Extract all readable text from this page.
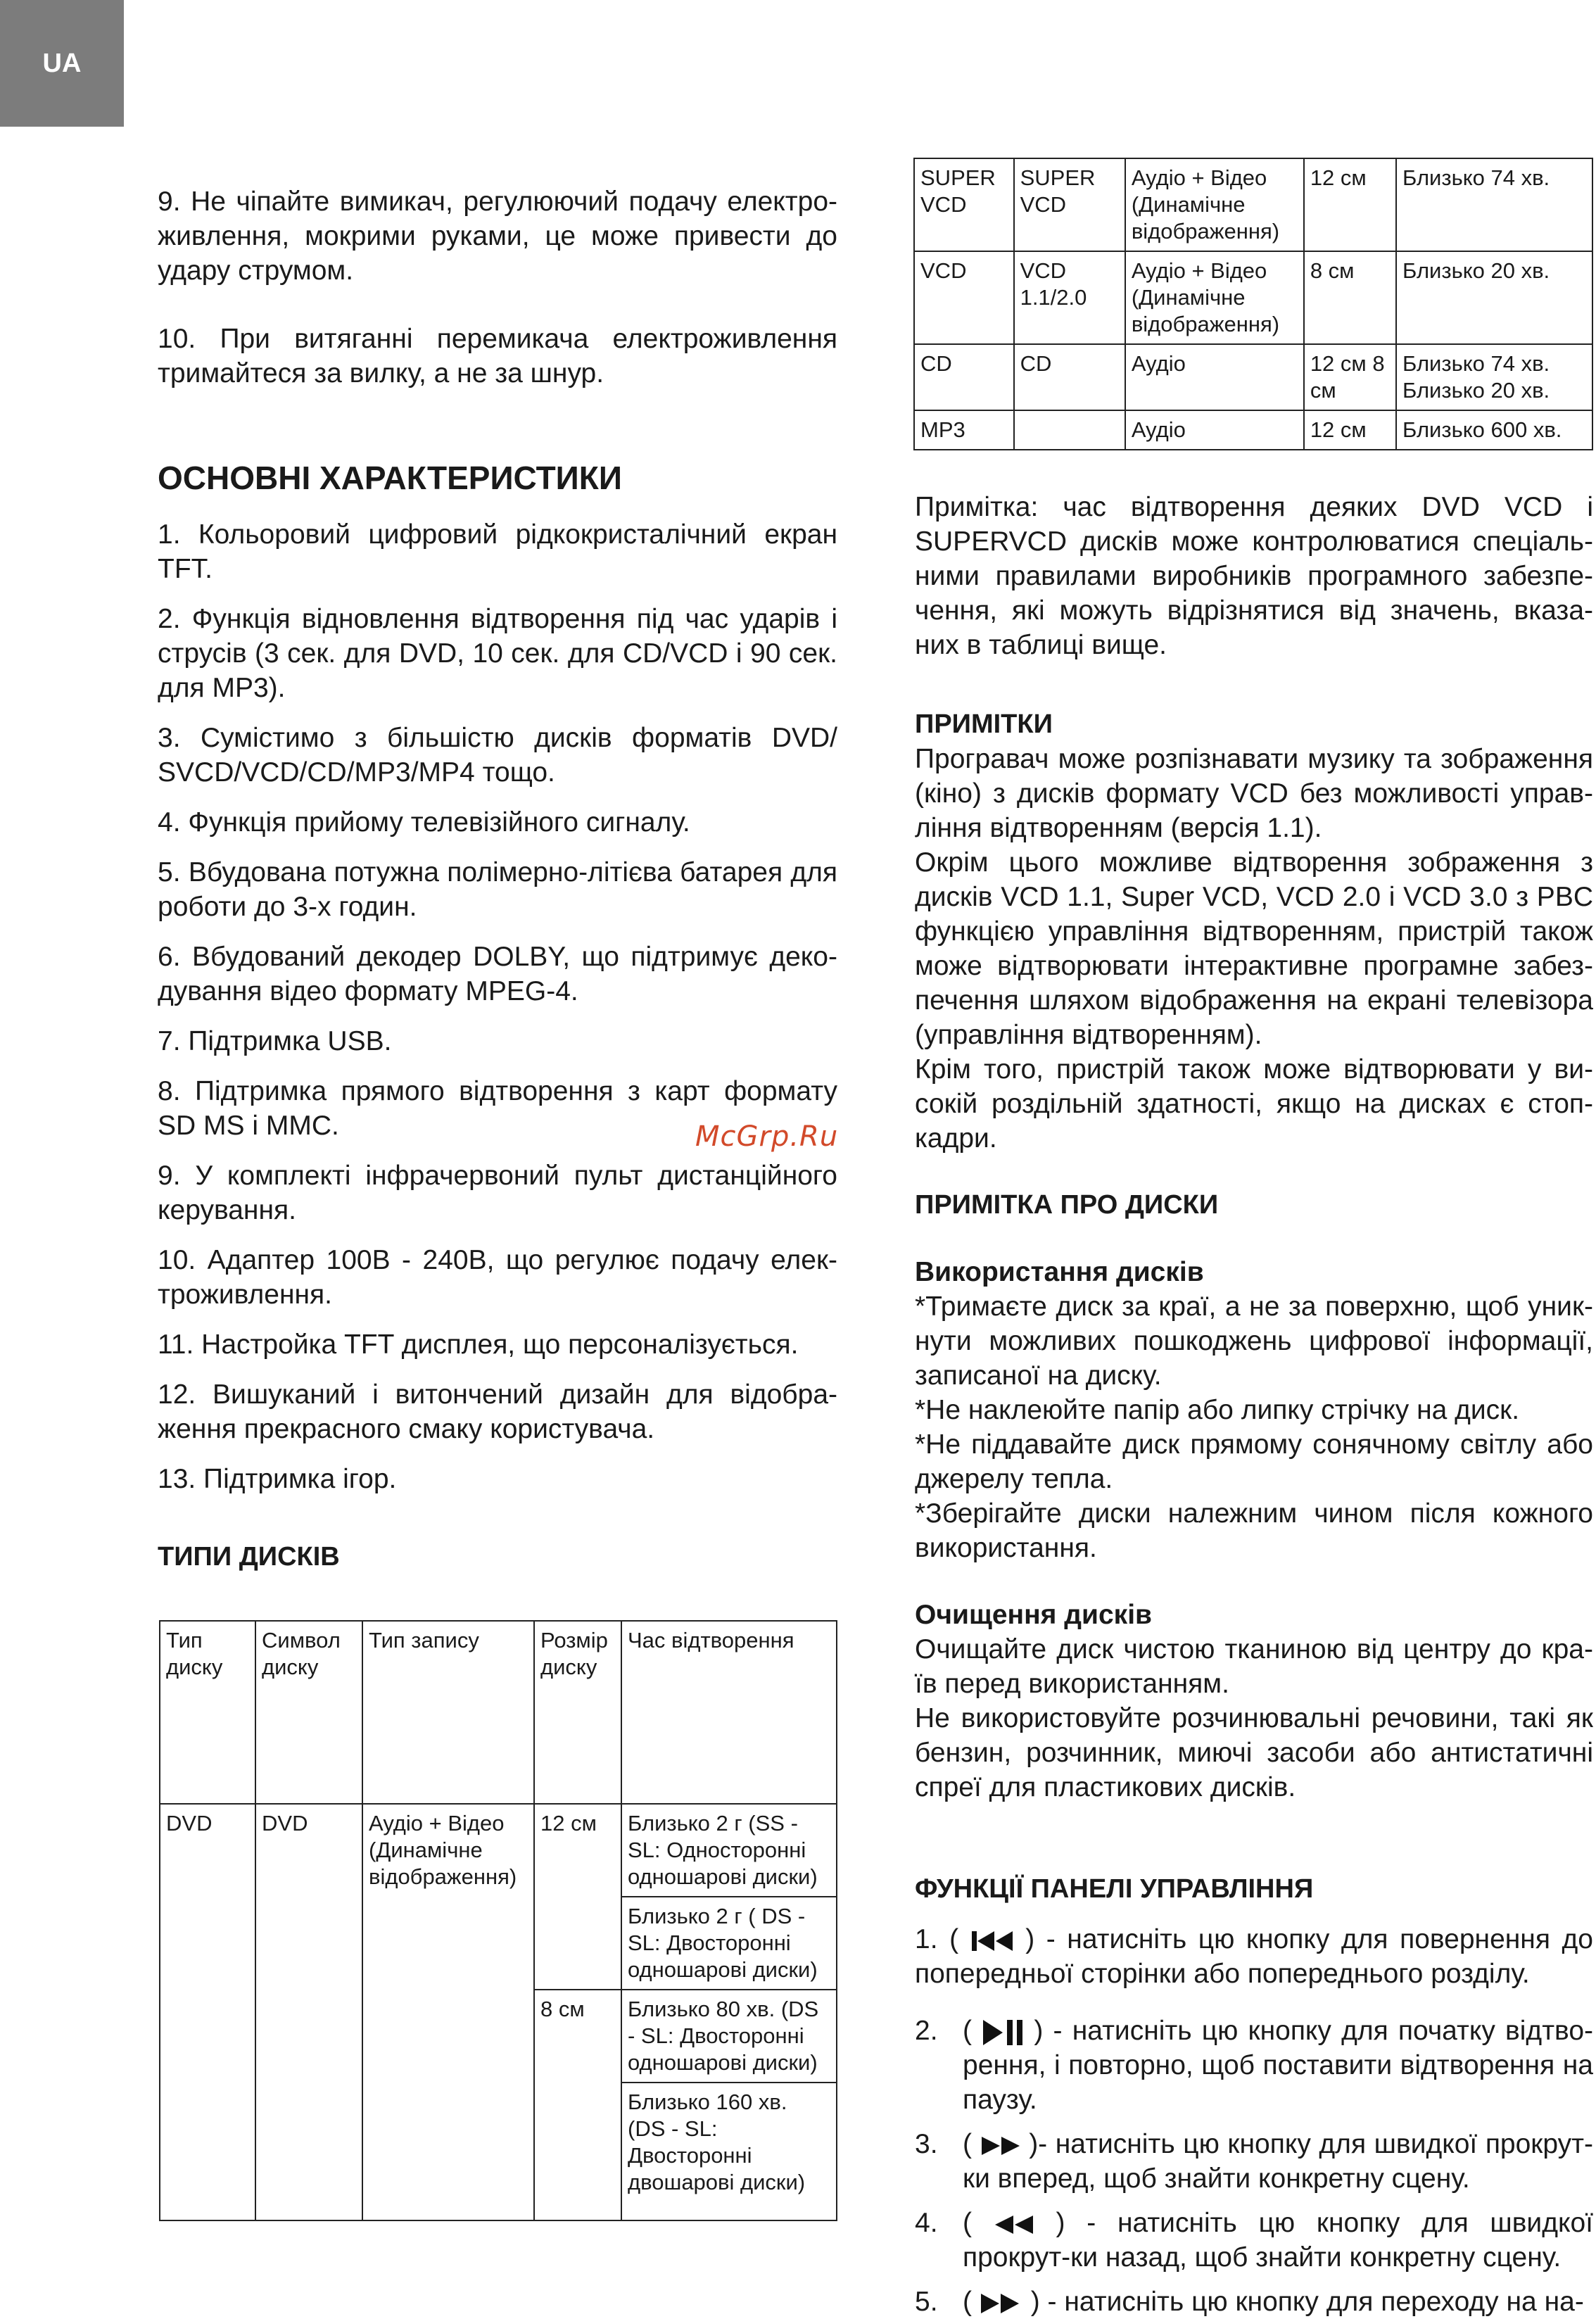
UA

9. Не чіпайте вимикач, регулюючий подачу електро-живлення, мокрими руками, це може привести до удару струмом.

10. При витяганні перемикача електроживлення тримайтеся за вилку, а не за шнур.

ОСНОВНІ ХАРАКТЕРИСТИКИ

1. Кольоровий цифровий рідкокристалічний екран TFT.

2. Функція відновлення відтворення під час ударів і струсів (3 сек. для DVD, 10 сек. для CD/VCD і 90 сек. для MP3).

3. Сумістимо з більшістю дисків форматів DVD/ SVCD/VCD/CD/MP3/MP4 тощо.

4. Функція прийому телевізійного сигналу.

5. Вбудована потужна полімерно-літієва батарея для роботи до 3-х годин.

6. Вбудований декодер DOLBY, що підтримує деко-дування відео формату MPEG-4.

7. Підтримка USB.

8. Підтримка прямого відтворення з карт формату SD MS і MMC.

9. У комплекті інфрачервоний пульт дистанційного керування.

10. Адаптер 100В - 240В, що регулює подачу елек-троживлення.

11. Настройка TFT дисплея, що персоналізується.

12. Вишуканий і витончений дизайн для відобра-ження прекрасного смаку користувача.

13. Підтримка ігор.

ТИПИ ДИСКІВ

McGrp.Ru
Тип диску	Символ диску	Тип запису	Розмір диску	Час відтворення
DVD	DVD	Аудіо + Відео (Динамічне відображення)	12 см	Близько 2 г (SS - SL: Односторонні одношарові диски)
				Близько 2 г ( DS - SL: Двосторонні одношарові диски)
			8 см	Близько 80 хв. (DS - SL: Двосторонні одношарові диски)
				Близько 160 хв. (DS - SL: Двосторонні двошарові диски)
SUPER VCD	SUPER VCD	Аудіо + Відео (Динамічне відображення)	12 см	Близько 74 хв.
VCD	VCD 1.1/2.0	Аудіо + Відео (Динамічне відображення)	8 см	Близько 20 хв.
CD	CD	Аудіо	12 см 8 см	Близько 74 хв. Близько 20 хв.
MP3		Аудіо	12 см	Близько 600 хв.

Примітка: час відтворення деяких DVD VCD і SUPERVCD дисків може контролюватися спеціаль-ними правилами виробників програмного забезпе-чення, які можуть відрізнятися від значень, вказа-них в таблиці вище.

ПРИМІТКИ

Програвач може розпізнавати музику та зображення (кіно) з дисків формату VCD без можливості управ-ління відтворенням (версія 1.1).

Окрім цього можливе відтворення зображення з дисків VCD 1.1, Super VCD, VCD 2.0 і VCD 3.0 з PBC функцією управління відтворенням, пристрій також може відтворювати інтерактивне програмне забез-печення шляхом відображення на екрані телевізора (управління відтворенням).

Крім того, пристрій також може відтворювати у ви-сокій роздільній здатності, якщо на дисках є стоп-кадри.

ПРИМІТКА ПРО ДИСКИ

Використання дисків

*Тримаєте диск за краї, а не за поверхню, щоб уник-нути можливих пошкоджень цифрової інформації, записаної на диску.

*Не наклеюйте папір або липку стрічку на диск.

*Не піддавайте диск прямому сонячному світлу або джерелу тепла.

*Зберігайте диски належним чином після кожного використання.

Очищення дисків

Очищайте диск чистою тканиною від центру до кра-їв перед використанням.

Не використовуйте розчинювальні речовини, такі як бензин, розчинник, миючі засоби або антистатичні спреї для пластикових дисків.

ФУНКЦІЇ ПАНЕЛІ УПРАВЛІННЯ

1. ( ) - натисніть цю кнопку для повернення до попередньої сторінки або попереднього розділу.
2. ( ) - натисніть цю кнопку для початку відтво-рення, і повторно, щоб поставити відтворення на паузу.
3. ( )- натисніть цю кнопку для швидкої прокрут-ки вперед, щоб знайти конкретну сцену.
4. (	) - натисніть цю кнопку для швидкої прокрут-ки назад, щоб знайти конкретну сцену.
5. ( ) - натисніть цю кнопку для переходу на на-
